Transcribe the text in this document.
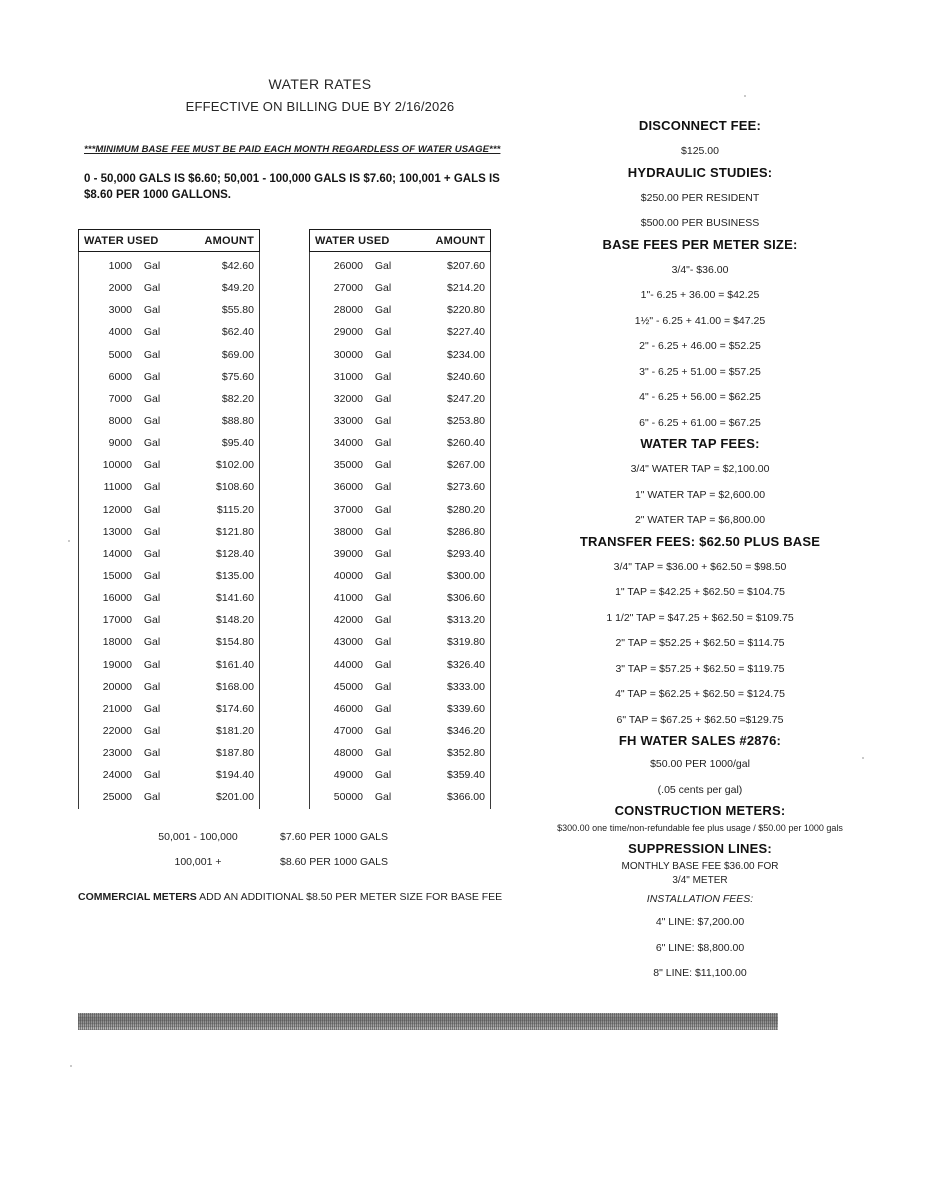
WATER RATES
EFFECTIVE ON BILLING DUE BY 2/16/2026
***MINIMUM BASE FEE MUST BE PAID EACH MONTH REGARDLESS OF WATER USAGE***
0 - 50,000 GALS IS $6.60; 50,001 - 100,000 GALS IS $7.60; 100,001 + GALS IS $8.60 PER 1000 GALLONS.
WATER USED	AMOUNT
1000	Gal	$42.60
2000	Gal	$49.20
3000	Gal	$55.80
4000	Gal	$62.40
5000	Gal	$69.00
6000	Gal	$75.60
7000	Gal	$82.20
8000	Gal	$88.80
9000	Gal	$95.40
10000	Gal	$102.00
11000	Gal	$108.60
12000	Gal	$115.20
13000	Gal	$121.80
14000	Gal	$128.40
15000	Gal	$135.00
16000	Gal	$141.60
17000	Gal	$148.20
18000	Gal	$154.80
19000	Gal	$161.40
20000	Gal	$168.00
21000	Gal	$174.60
22000	Gal	$181.20
23000	Gal	$187.80
24000	Gal	$194.40
25000	Gal	$201.00
WATER USED	AMOUNT
26000	Gal	$207.60
27000	Gal	$214.20
28000	Gal	$220.80
29000	Gal	$227.40
30000	Gal	$234.00
31000	Gal	$240.60
32000	Gal	$247.20
33000	Gal	$253.80
34000	Gal	$260.40
35000	Gal	$267.00
36000	Gal	$273.60
37000	Gal	$280.20
38000	Gal	$286.80
39000	Gal	$293.40
40000	Gal	$300.00
41000	Gal	$306.60
42000	Gal	$313.20
43000	Gal	$319.80
44000	Gal	$326.40
45000	Gal	$333.00
46000	Gal	$339.60
47000	Gal	$346.20
48000	Gal	$352.80
49000	Gal	$359.40
50000	Gal	$366.00
50,001 - 100,000	$7.60 PER 1000 GALS
100,001 +	$8.60 PER 1000 GALS
COMMERCIAL METERS ADD AN ADDITIONAL $8.50 PER METER SIZE FOR BASE FEE
DISCONNECT FEE:
$125.00
HYDRAULIC STUDIES:
$250.00 PER RESIDENT
$500.00 PER BUSINESS
BASE FEES PER METER SIZE:
3/4"- $36.00
1"- 6.25 + 36.00 = $42.25
1½" - 6.25 + 41.00 = $47.25
2" - 6.25 + 46.00 = $52.25
3" - 6.25 + 51.00 = $57.25
4" - 6.25 + 56.00 = $62.25
6" - 6.25 + 61.00 = $67.25
WATER TAP FEES:
3/4" WATER TAP = $2,100.00
1" WATER TAP = $2,600.00
2" WATER TAP = $6,800.00
TRANSFER FEES: $62.50 PLUS BASE
3/4" TAP = $36.00 + $62.50 = $98.50
1" TAP = $42.25 + $62.50 = $104.75
1 1/2" TAP = $47.25 + $62.50 = $109.75
2" TAP = $52.25 + $62.50 = $114.75
3" TAP = $57.25 + $62.50 = $119.75
4" TAP = $62.25 + $62.50 = $124.75
6" TAP = $67.25 + $62.50 =$129.75
FH WATER SALES #2876:
$50.00 PER 1000/gal
(.05 cents per gal)
CONSTRUCTION METERS:
$300.00 one time/non-refundable fee plus usage / $50.00 per 1000 gals
SUPPRESSION LINES:
MONTHLY BASE FEE $36.00 FOR
3/4" METER
INSTALLATION FEES:
4" LINE: $7,200.00
6" LINE: $8,800.00
8" LINE: $11,100.00
